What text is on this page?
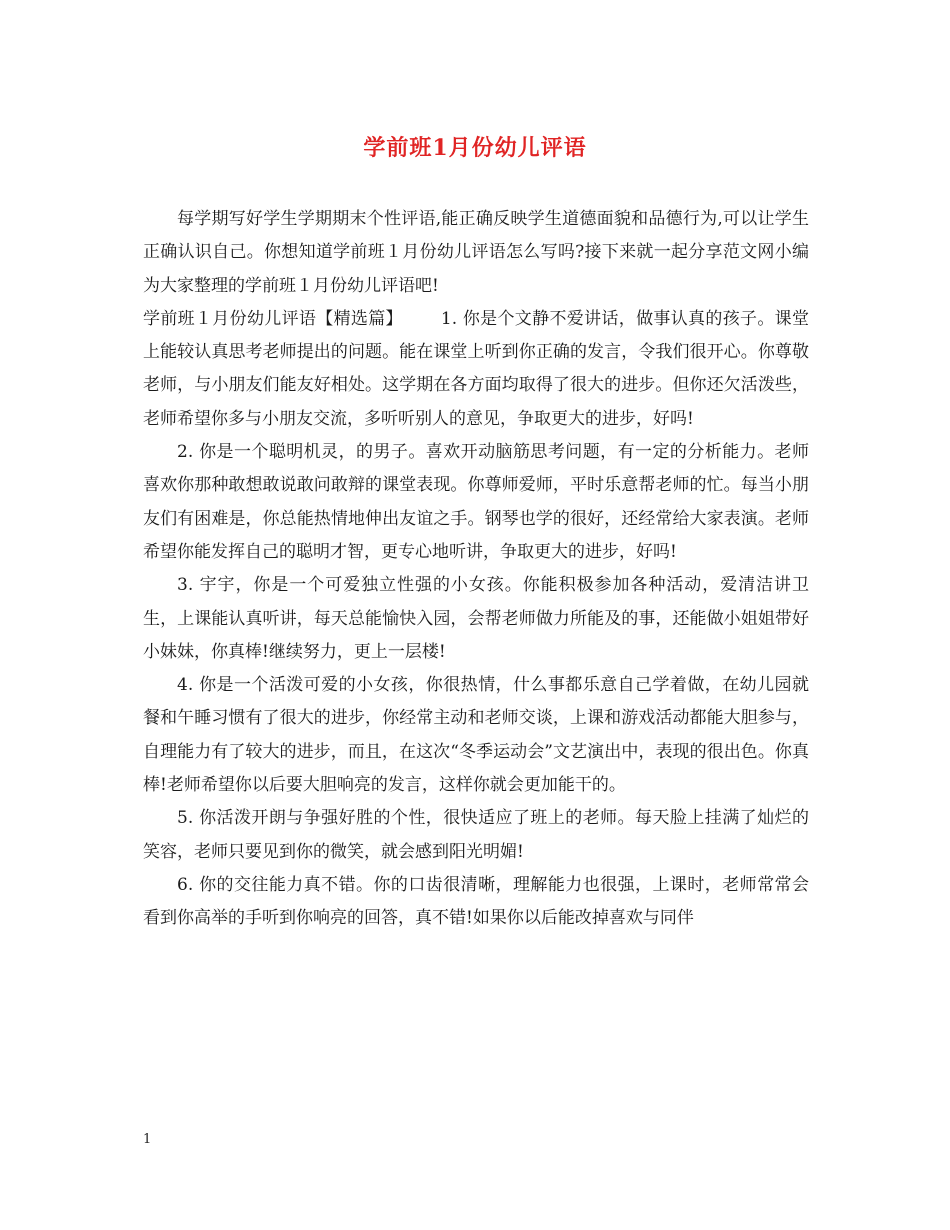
学前班1月份幼儿评语

每学期写好学生学期期末个性评语,能正确反映学生道德面貌和品德行为,可以让学生正确认识自己。你想知道学前班１月份幼儿评语怎么写吗?接下来就一起分享范文网小编为大家整理的学前班１月份幼儿评语吧!

学前班１月份幼儿评语【精选篇】 1. 你是个文静不爱讲话，做事认真的孩子。课堂上能较认真思考老师提出的问题。能在课堂上听到你正确的发言，令我们很开心。你尊敬老师，与小朋友们能友好相处。这学期在各方面均取得了很大的进步。但你还欠活泼些，老师希望你多与小朋友交流，多听听别人的意见，争取更大的进步，好吗!

2. 你是一个聪明机灵，的男子。喜欢开动脑筋思考问题，有一定的分析能力。老师喜欢你那种敢想敢说敢问敢辩的课堂表现。你尊师爱师，平时乐意帮老师的忙。每当小朋友们有困难是，你总能热情地伸出友谊之手。钢琴也学的很好，还经常给大家表演。老师希望你能发挥自己的聪明才智，更专心地听讲，争取更大的进步，好吗!

3. 宇宇，你是一个可爱独立性强的小女孩。你能积极参加各种活动，爱清洁讲卫生，上课能认真听讲，每天总能愉快入园，会帮老师做力所能及的事，还能做小姐姐带好小妹妹，你真棒!继续努力，更上一层楼!

4. 你是一个活泼可爱的小女孩，你很热情，什么事都乐意自己学着做，在幼儿园就餐和午睡习惯有了很大的进步，你经常主动和老师交谈，上课和游戏活动都能大胆参与，自理能力有了较大的进步，而且，在这次“冬季运动会”文艺演出中，表现的很出色。你真棒!老师希望你以后要大胆响亮的发言，这样你就会更加能干的。

5. 你活泼开朗与争强好胜的个性，很快适应了班上的老师。每天脸上挂满了灿烂的笑容，老师只要见到你的微笑，就会感到阳光明媚!

6. 你的交往能力真不错。你的口齿很清晰，理解能力也很强，上课时，老师常常会看到你高举的手听到你响亮的回答，真不错!如果你以后能改掉喜欢与同伴

1
